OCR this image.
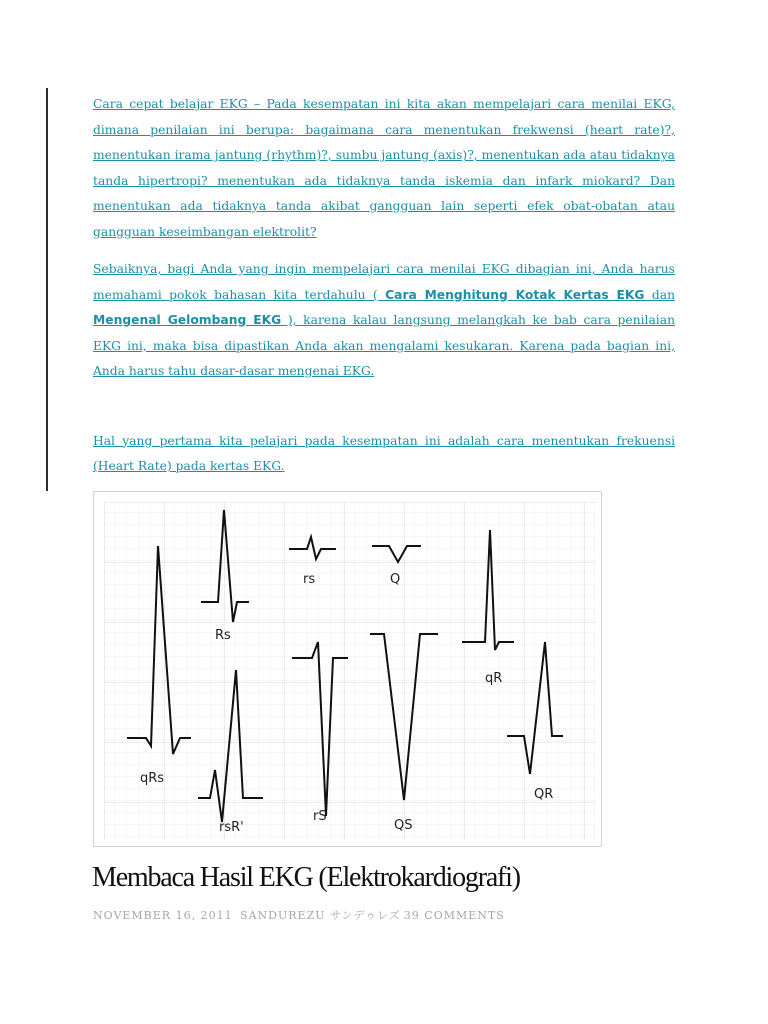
Cara cepat belajar EKG – Pada kesempatan ini kita akan mempelajari cara menilai EKG, dimana penilaian ini berupa: bagaimana cara menentukan frekwensi (heart rate)?, menentukan irama jantung (rhythm)?, sumbu jantung (axis)?, menentukan ada atau tidaknya tanda hipertropi? menentukan ada tidaknya tanda iskemia dan infark miokard? Dan menentukan ada tidaknya tanda akibat gangguan lain seperti efek obat-obatan atau gangguan keseimbangan elektrolit?

Sebaiknya, bagi Anda yang ingin mempelajari cara menilai EKG dibagian ini, Anda harus memahami pokok bahasan kita terdahulu ( Cara Menghitung Kotak Kertas EKG dan Mengenal Gelombang EKG ), karena kalau langsung melangkah ke bab cara penilaian EKG ini, maka bisa dipastikan Anda akan mengalami kesukaran. Karena pada bagian ini, Anda harus tahu dasar-dasar mengenai EKG.

Hal yang pertama kita pelajari pada kesempatan ini adalah cara menentukan frekuensi (Heart Rate) pada kertas EKG.

rs	Q
Rs
qR
qRs
rsR'
rS
QS
QR
Membaca Hasil EKG (Elektrokardiografi)
NOVEMBER 16, 2011 SANDUREZU サンデゥレズ 39 COMMENTS
